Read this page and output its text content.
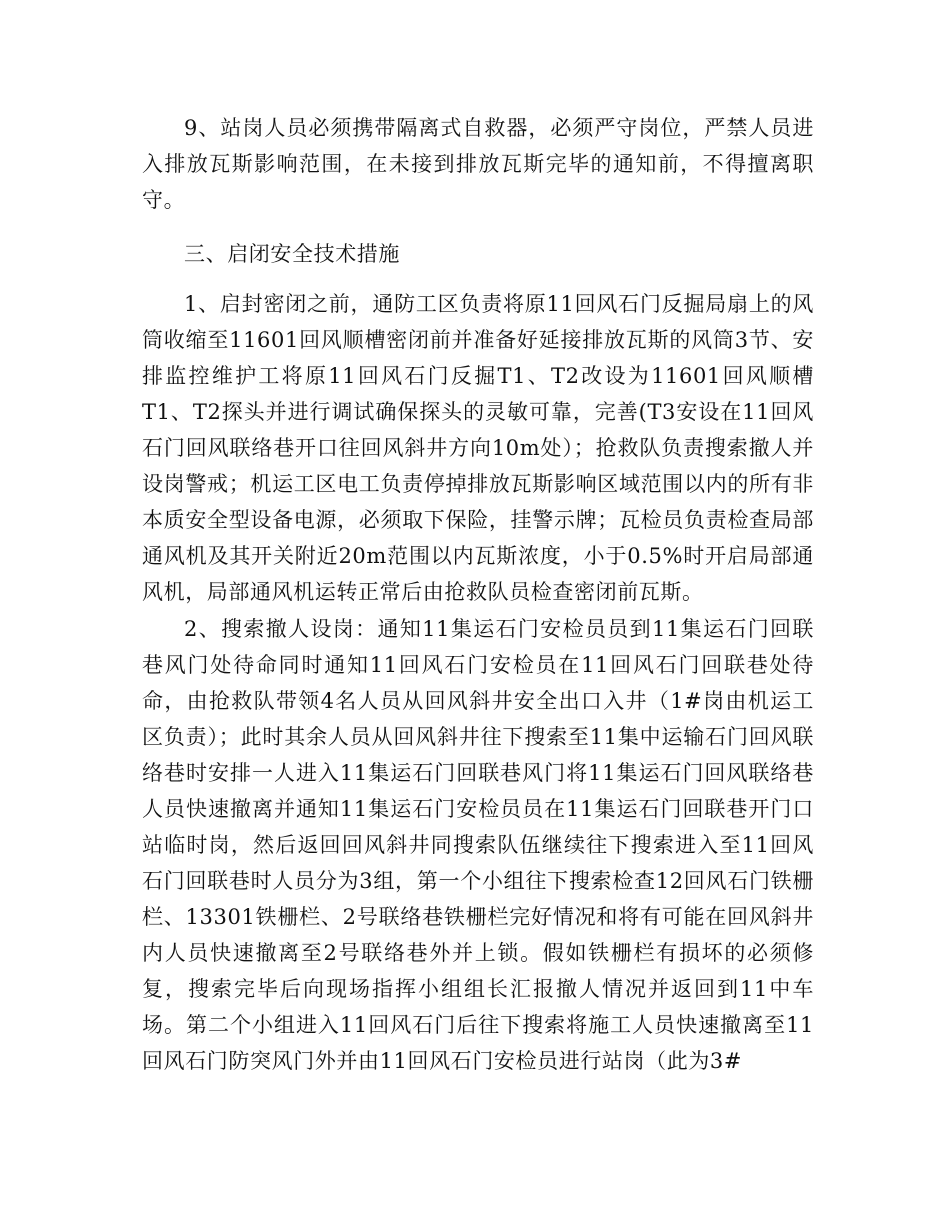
9、站岗人员必须携带隔离式自救器，必须严守岗位，严禁人员进入排放瓦斯影响范围，在未接到排放瓦斯完毕的通知前，不得擅离职守。

三、启闭安全技术措施

1、启封密闭之前，通防工区负责将原11回风石门反掘局扇上的风筒收缩至11601回风顺槽密闭前并准备好延接排放瓦斯的风筒3节、安排监控维护工将原11回风石门反掘T1、T2改设为11601回风顺槽T1、T2探头并进行调试确保探头的灵敏可靠，完善(T3安设在11回风石门回风联络巷开口往回风斜井方向10m处）；抢救队负责搜索撤人并设岗警戒；机运工区电工负责停掉排放瓦斯影响区域范围以内的所有非本质安全型设备电源，必须取下保险，挂警示牌；瓦检员负责检查局部通风机及其开关附近20m范围以内瓦斯浓度，小于0.5%时开启局部通风机，局部通风机运转正常后由抢救队员检查密闭前瓦斯。

2、搜索撤人设岗：通知11集运石门安检员员到11集运石门回联巷风门处待命同时通知11回风石门安检员在11回风石门回联巷处待命，由抢救队带领4名人员从回风斜井安全出口入井（1#岗由机运工区负责）；此时其余人员从回风斜井往下搜索至11集中运输石门回风联络巷时安排一人进入11集运石门回联巷风门将11集运石门回风联络巷人员快速撤离并通知11集运石门安检员员在11集运石门回联巷开门口站临时岗，然后返回回风斜井同搜索队伍继续往下搜索进入至11回风石门回联巷时人员分为3组，第一个小组往下搜索检查12回风石门铁栅栏、13301铁栅栏、2号联络巷铁栅栏完好情况和将有可能在回风斜井内人员快速撤离至2号联络巷外并上锁。假如铁栅栏有损坏的必须修复，搜索完毕后向现场指挥小组组长汇报撤人情况并返回到11中车场。第二个小组进入11回风石门后往下搜索将施工人员快速撤离至11回风石门防突风门外并由11回风石门安检员进行站岗（此为3#
